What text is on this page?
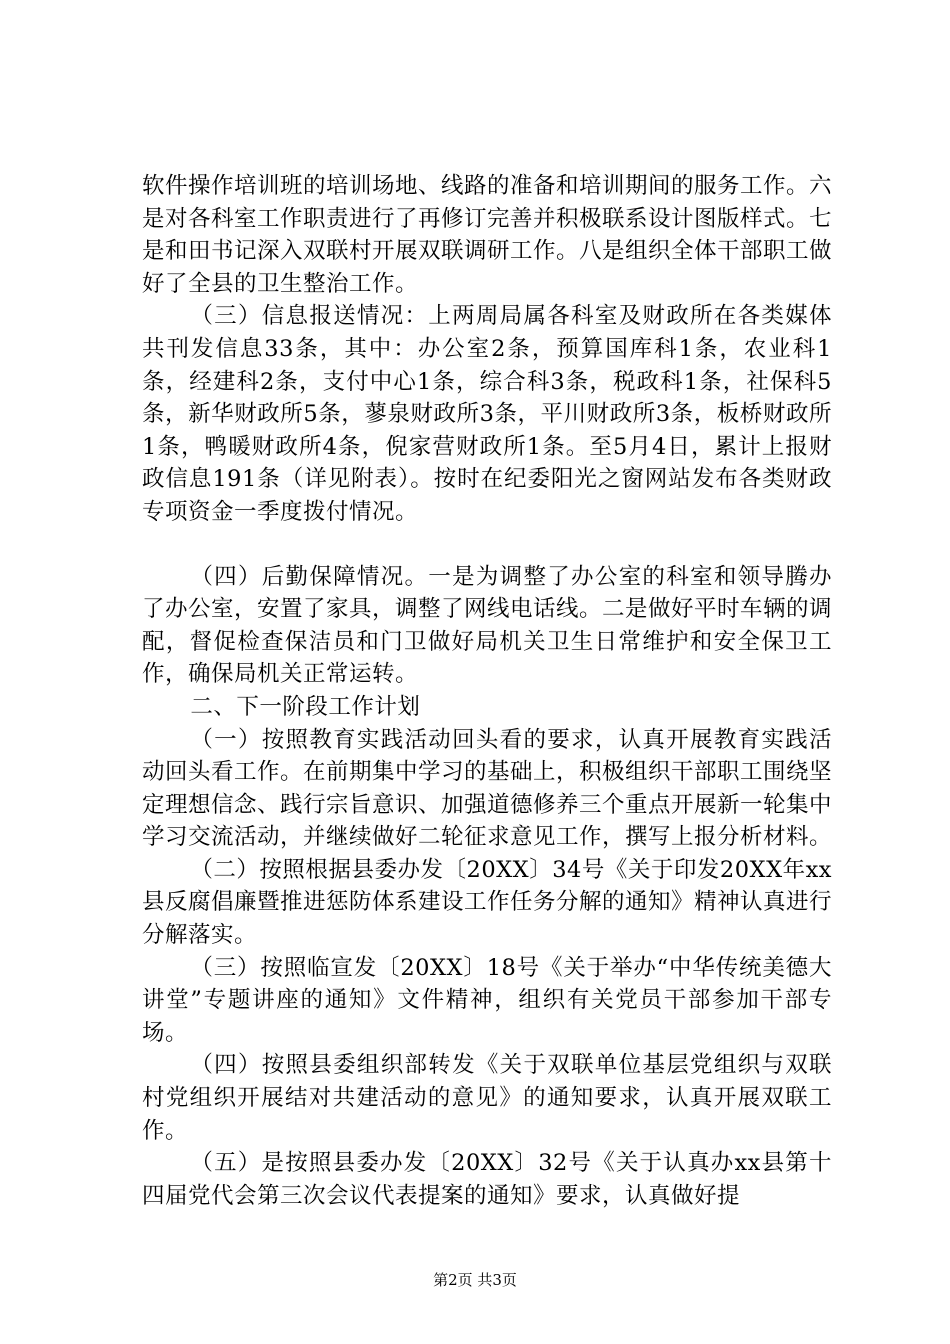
软件操作培训班的培训场地、线路的准备和培训期间的服务工作。六是对各科室工作职责进行了再修订完善并积极联系设计图版样式。七是和田书记深入双联村开展双联调研工作。八是组织全体干部职工做好了全县的卫生整治工作。

（三）信息报送情况：上两周局属各科室及财政所在各类媒体共刊发信息33条，其中：办公室2条，预算国库科1条，农业科1条，经建科2条，支付中心1条，综合科3条，税政科1条，社保科5条，新华财政所5条，蓼泉财政所3条，平川财政所3条，板桥财政所1条，鸭暖财政所4条，倪家营财政所1条。至5月4日，累计上报财政信息191条（详见附表）。按时在纪委阳光之窗网站发布各类财政专项资金一季度拨付情况。

（四）后勤保障情况。一是为调整了办公室的科室和领导腾办了办公室，安置了家具，调整了网线电话线。二是做好平时车辆的调配，督促检查保洁员和门卫做好局机关卫生日常维护和安全保卫工作，确保局机关正常运转。

二、下一阶段工作计划

（一）按照教育实践活动回头看的要求，认真开展教育实践活动回头看工作。在前期集中学习的基础上，积极组织干部职工围绕坚定理想信念、践行宗旨意识、加强道德修养三个重点开展新一轮集中学习交流活动，并继续做好二轮征求意见工作，撰写上报分析材料。

（二）按照根据县委办发〔20XX〕34号《关于印发20XX年xx县反腐倡廉暨推进惩防体系建设工作任务分解的通知》精神认真进行分解落实。

（三）按照临宣发〔20XX〕18号《关于举办“中华传统美德大讲堂”专题讲座的通知》文件精神，组织有关党员干部参加干部专场。

（四）按照县委组织部转发《关于双联单位基层党组织与双联村党组织开展结对共建活动的意见》的通知要求，认真开展双联工作。

（五）是按照县委办发〔20XX〕32号《关于认真办xx县第十四届党代会第三次会议代表提案的通知》要求，认真做好提

第2页 共3页
